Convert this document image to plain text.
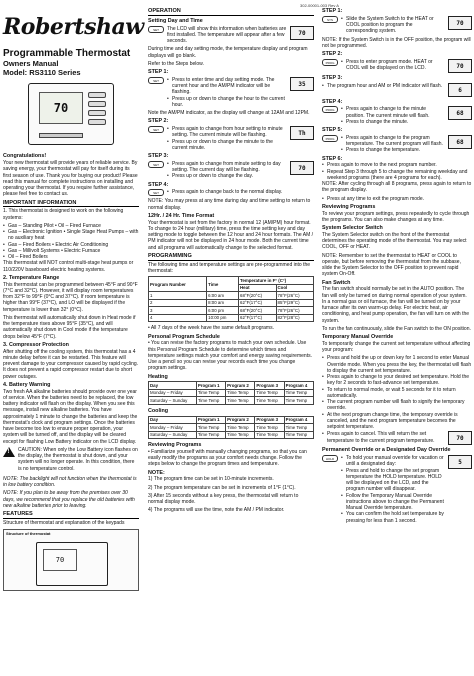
302-00001-003 Rev A
Robertshaw
Programmable Thermostat
Owners Manual
Model: RS3110 Series
70
Congratulations!

Your new thermostat will provide years of reliable service. By saving energy, your thermostat will pay for itself during its first season of use. Thank you for buying our product! Please read this manual for complete instructions on installing and operating your thermostat. If you require further assistance, please feel free to contact us.

IMPORTANT INFORMATION

1. This thermostat is designed to work on the following systems:

• Gas – Standing Pilot • Oil – Fired Furnace
• Gas – Electronic Ignition • Single Stage Heat Pumps – with no auxiliary heat
• Gas – Fired Boilers • Electric Air Conditioning
• Gas – Millivolt Systems • Electric Furnace
• Oil – Fired Boilers

This thermostat will NOT control multi-stage heat pumps or 110/220V baseboard electric heating systems.

2. Temperature Range

This thermostat can be programmed between 45°F and 90°F (7°C and 32°C). However, it will display room temperatures from 32°F to 99°F (0°C and 37°C). If room temperature is higher than 99°F (37°C), and LO will be displayed if the temperature is lower than 32° (0°C).

This thermostat will automatically shut down in Heat mode if the temperature rises above 95°F (35°C), and will automatically shut down in Cool mode if the temperature drops below 45°F (7°C).

3. Compressor Protection

After shutting off the cooling system, this thermostat has a 4 minute delay before it can be restarted. This feature will prevent damage to your compressor caused by rapid cycling. It does not prevent a rapid compressor restart due to short power outages.

4. Battery Warning

Two fresh AA alkaline batteries should provide over one year of service. When the batteries need to be replaced, the low battery indicator will flash on the display. When you see this message, install new alkaline batteries. You have approximately 1 minute to change the batteries and keep the thermostat's clock and program settings. Once the batteries have become too low to ensure proper operation, your system will be turned off, and the display will be cleared except for flashing Low Battery indicator on the LCD display.

! CAUTION: When only the Low Battery icon flashes on the display, the thermostat is shut down, and your system will no longer operate. In this condition, there is no temperature control.

NOTE: The backlight will not function when the thermostat is in low battery condition.

NOTE: If you plan to be away from the premises over 30 days, we recommend that you replace the old batteries with new alkaline batteries prior to leaving.

FEATURES

Structure of thermostat and explanation of the keypads

Structure of thermostat
70
OPERATION
Setting Day and Time
SET	The LCD will show this information when batteries are first installed. The temperature will appear after a few seconds.
70

During time and day setting mode, the temperature display and program displays will go blank.

Refer to the Steps below.

STEP 1:
SET	• Press to enter time and day setting mode. The current hour and the AM/PM indicator will be flashing.
• Press up or down to change the hour to the current hour.
35

Note the AM/PM indicator, as the display will change at 12AM and 12PM.

STEP 2:
SET	• Press again to change from hour setting to minute setting. The current minute will be flashing.
• Press up or down to change the minute to the current minute.
Th
STEP 3:
SET	• Press again to change from minute setting to day setting. The current day will be flashing.
• Press up or down to change the day.
70
STEP 4:
SET	• Press again to change back to the normal display.

NOTE: You may press at any time during day and time setting to return to normal display.

12Hr. / 24 Hr. Time Format

Your thermostat is set from the factory in normal 12 (AM/PM) hour format. To change to 24 hour (military) time, press the time setting key and day setting mode to toggle between the 12 hour and 24 hour formats. The AM / PM indicator will not be displayed in 24 hour mode. Both the current time and all programs will automatically change to the selected format.

PROGRAMMING

The following time and temperature settings are pre-programmed into the thermostat:

Program Number	Time	Temperature in F° (C°)	
		Heat	Cool
1	6:00 am	68°F(20°C)	78°F(26°C)
2	8:00 am	62°F(17°C)	85°F(29°C)
3	6:00 pm	68°F(20°C)	78°F(26°C)
4	10:00 pm	62°F(17°C)	82°F(28°C)

• All 7 days of the week have the same default programs.

Personal Program Schedule

• You can revise the factory programs to match your own schedule. Use this Personal Program Schedule to determine which times and temperature settings match your comfort and energy saving requirements. Use a pencil so you can revise your records each time you change program settings.

Heating
Day	Program 1	Program 2	Program 3	Program 4
Monday – Friday	Time Temp	Time Temp	Time Temp	Time Temp
Saturday – Sunday	Time Temp	Time Temp	Time Temp	Time Temp
Cooling
Day	Program 1	Program 2	Program 3	Program 4
Monday – Friday	Time Temp	Time Temp	Time Temp	Time Temp
Saturday – Sunday	Time Temp	Time Temp	Time Temp	Time Temp
Reviewing Programs

• Familiarize yourself with manually changing programs, so that you can easily modify the programs as your comfort needs change. Follow the steps below to change the program times and temperature.

NOTE:

1) The program time can be set in 10-minute increments.

2) The program temperature can be set in increments of 1°F (1°C).

3) After 15 seconds without a key press, the thermostat will return to normal display mode.

4) The programs will use the time, note the AM / PM indicator.

STEP 1:
SYS	• Slide the System Switch to the HEAT or COOL position to program the corresponding system.
70

NOTE: If the System Switch is in the OFF position, the program will not be programmed.

STEP 2:
PROG	• Press to enter program mode. HEAT or COOL will be displayed on the LCD.	70
STEP 3:
• The program hour and AM or PM indicator will flash.
6
STEP 4:
PROG	• Press again to change to the minute position. The current minute will flash.
• Press to change the minute.
68
STEP 5:
PROG	• Press again to change to the program temperature. The current program will flash.
• Press to change the temperature.
68
STEP 6:
• Press again to move to the next program number.
• Repeat Step 3 through 5 to change the remaining weekday and weekend programs (there are 4 programs for each).

NOTE: After cycling through all 8 programs, press again to return to the program display.

• Press at any time to exit the program mode.
Reviewing Programs

To review your program settings, press repeatedly to cycle through the programs. You can also make changes at any time.

System Selector Switch

The System Selector switch on the front of the thermostat determines the operating mode of the thermostat. You may select COOL, OFF or HEAT.

NOTE: Remember to set the thermostat to HEAT or COOL to operate, but before removing the thermostat from the subbase, slide the System Selector to the OFF position to prevent rapid system On-Off.

Fan Switch

The fan switch should normally be set in the AUTO position. The fan will only be turned on during normal operation of your system. In a normal gas or oil furnace, the fan will be turned on by your furnace after its own warm-up delay. For electric heat, air conditioning, and heat pump operation, the fan will turn on with the system.

To run the fan continuously, slide the Fan switch to the ON position.

Temporary Manual Override

To temporarily change the current set temperature without affecting your program:

• Press and hold the up or down key for 1 second to enter Manual Override mode. When you press the key, the thermostat will flash to display the current set temperature.
• Press again to change to your desired set temperature. Hold the key for 2 seconds to fast-advance set temperature.
• To return to normal mode, or wait 5 seconds for it to return automatically.
• The current program number will flash to signify the temporary override.
• At the next program change time, the temporary override is canceled, and the next program temperature becomes the setpoint temperature.
• Press again to cancel. This will return the set temperature to the current program temperature.	70
Permanent Override or a Designated Day Override
HOLD	• To hold your manual override for vacation or until a designated day:
• Press and hold to change the set program temperature the HOLD temperature. HOLD will be displayed on the LCD, and the program number will disappear.
• Follow the Temporary Manual Override instructions above to change the Permanent Manual Override temperature.
• You can confirm the hold set temperature by pressing for less than 1 second.
5
